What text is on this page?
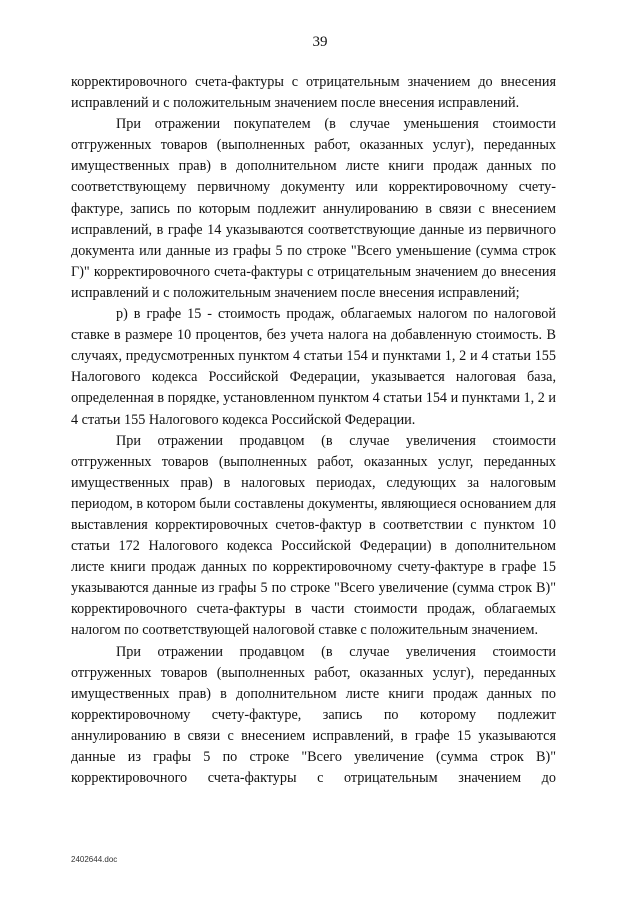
39

корректировочного счета-фактуры с отрицательным значением до внесения исправлений и с положительным значением после внесения исправлений.

При отражении покупателем (в случае уменьшения стоимости отгруженных товаров (выполненных работ, оказанных услуг), переданных имущественных прав) в дополнительном листе книги продаж данных по соответствующему первичному документу или корректировочному счету-фактуре, запись по которым подлежит аннулированию в связи с внесением исправлений, в графе 14 указываются соответствующие данные из первичного документа или данные из графы 5 по строке "Всего уменьшение (сумма строк Г)" корректировочного счета-фактуры с отрицательным значением до внесения исправлений и с положительным значением после внесения исправлений;

р) в графе 15 - стоимость продаж, облагаемых налогом по налоговой ставке в размере 10 процентов, без учета налога на добавленную стоимость. В случаях, предусмотренных пунктом 4 статьи 154 и пунктами 1, 2 и 4 статьи 155 Налогового кодекса Российской Федерации, указывается налоговая база, определенная в порядке, установленном пунктом 4 статьи 154 и пунктами 1, 2 и 4 статьи 155 Налогового кодекса Российской Федерации.

При отражении продавцом (в случае увеличения стоимости отгруженных товаров (выполненных работ, оказанных услуг, переданных имущественных прав) в налоговых периодах, следующих за налоговым периодом, в котором были составлены документы, являющиеся основанием для выставления корректировочных счетов-фактур в соответствии с пунктом 10 статьи 172 Налогового кодекса Российской Федерации) в дополнительном листе книги продаж данных по корректировочному счету-фактуре в графе 15 указываются данные из графы 5 по строке "Всего увеличение (сумма строк В)" корректировочного счета-фактуры в части стоимости продаж, облагаемых налогом по соответствующей налоговой ставке с положительным значением.

При отражении продавцом (в случае увеличения стоимости отгруженных товаров (выполненных работ, оказанных услуг), переданных имущественных прав) в дополнительном листе книги продаж данных по корректировочному счету-фактуре, запись по которому подлежит аннулированию в связи с внесением исправлений, в графе 15 указываются данные из графы 5 по строке "Всего увеличение (сумма строк В)" корректировочного счета-фактуры с отрицательным значением до

2402644.doc
